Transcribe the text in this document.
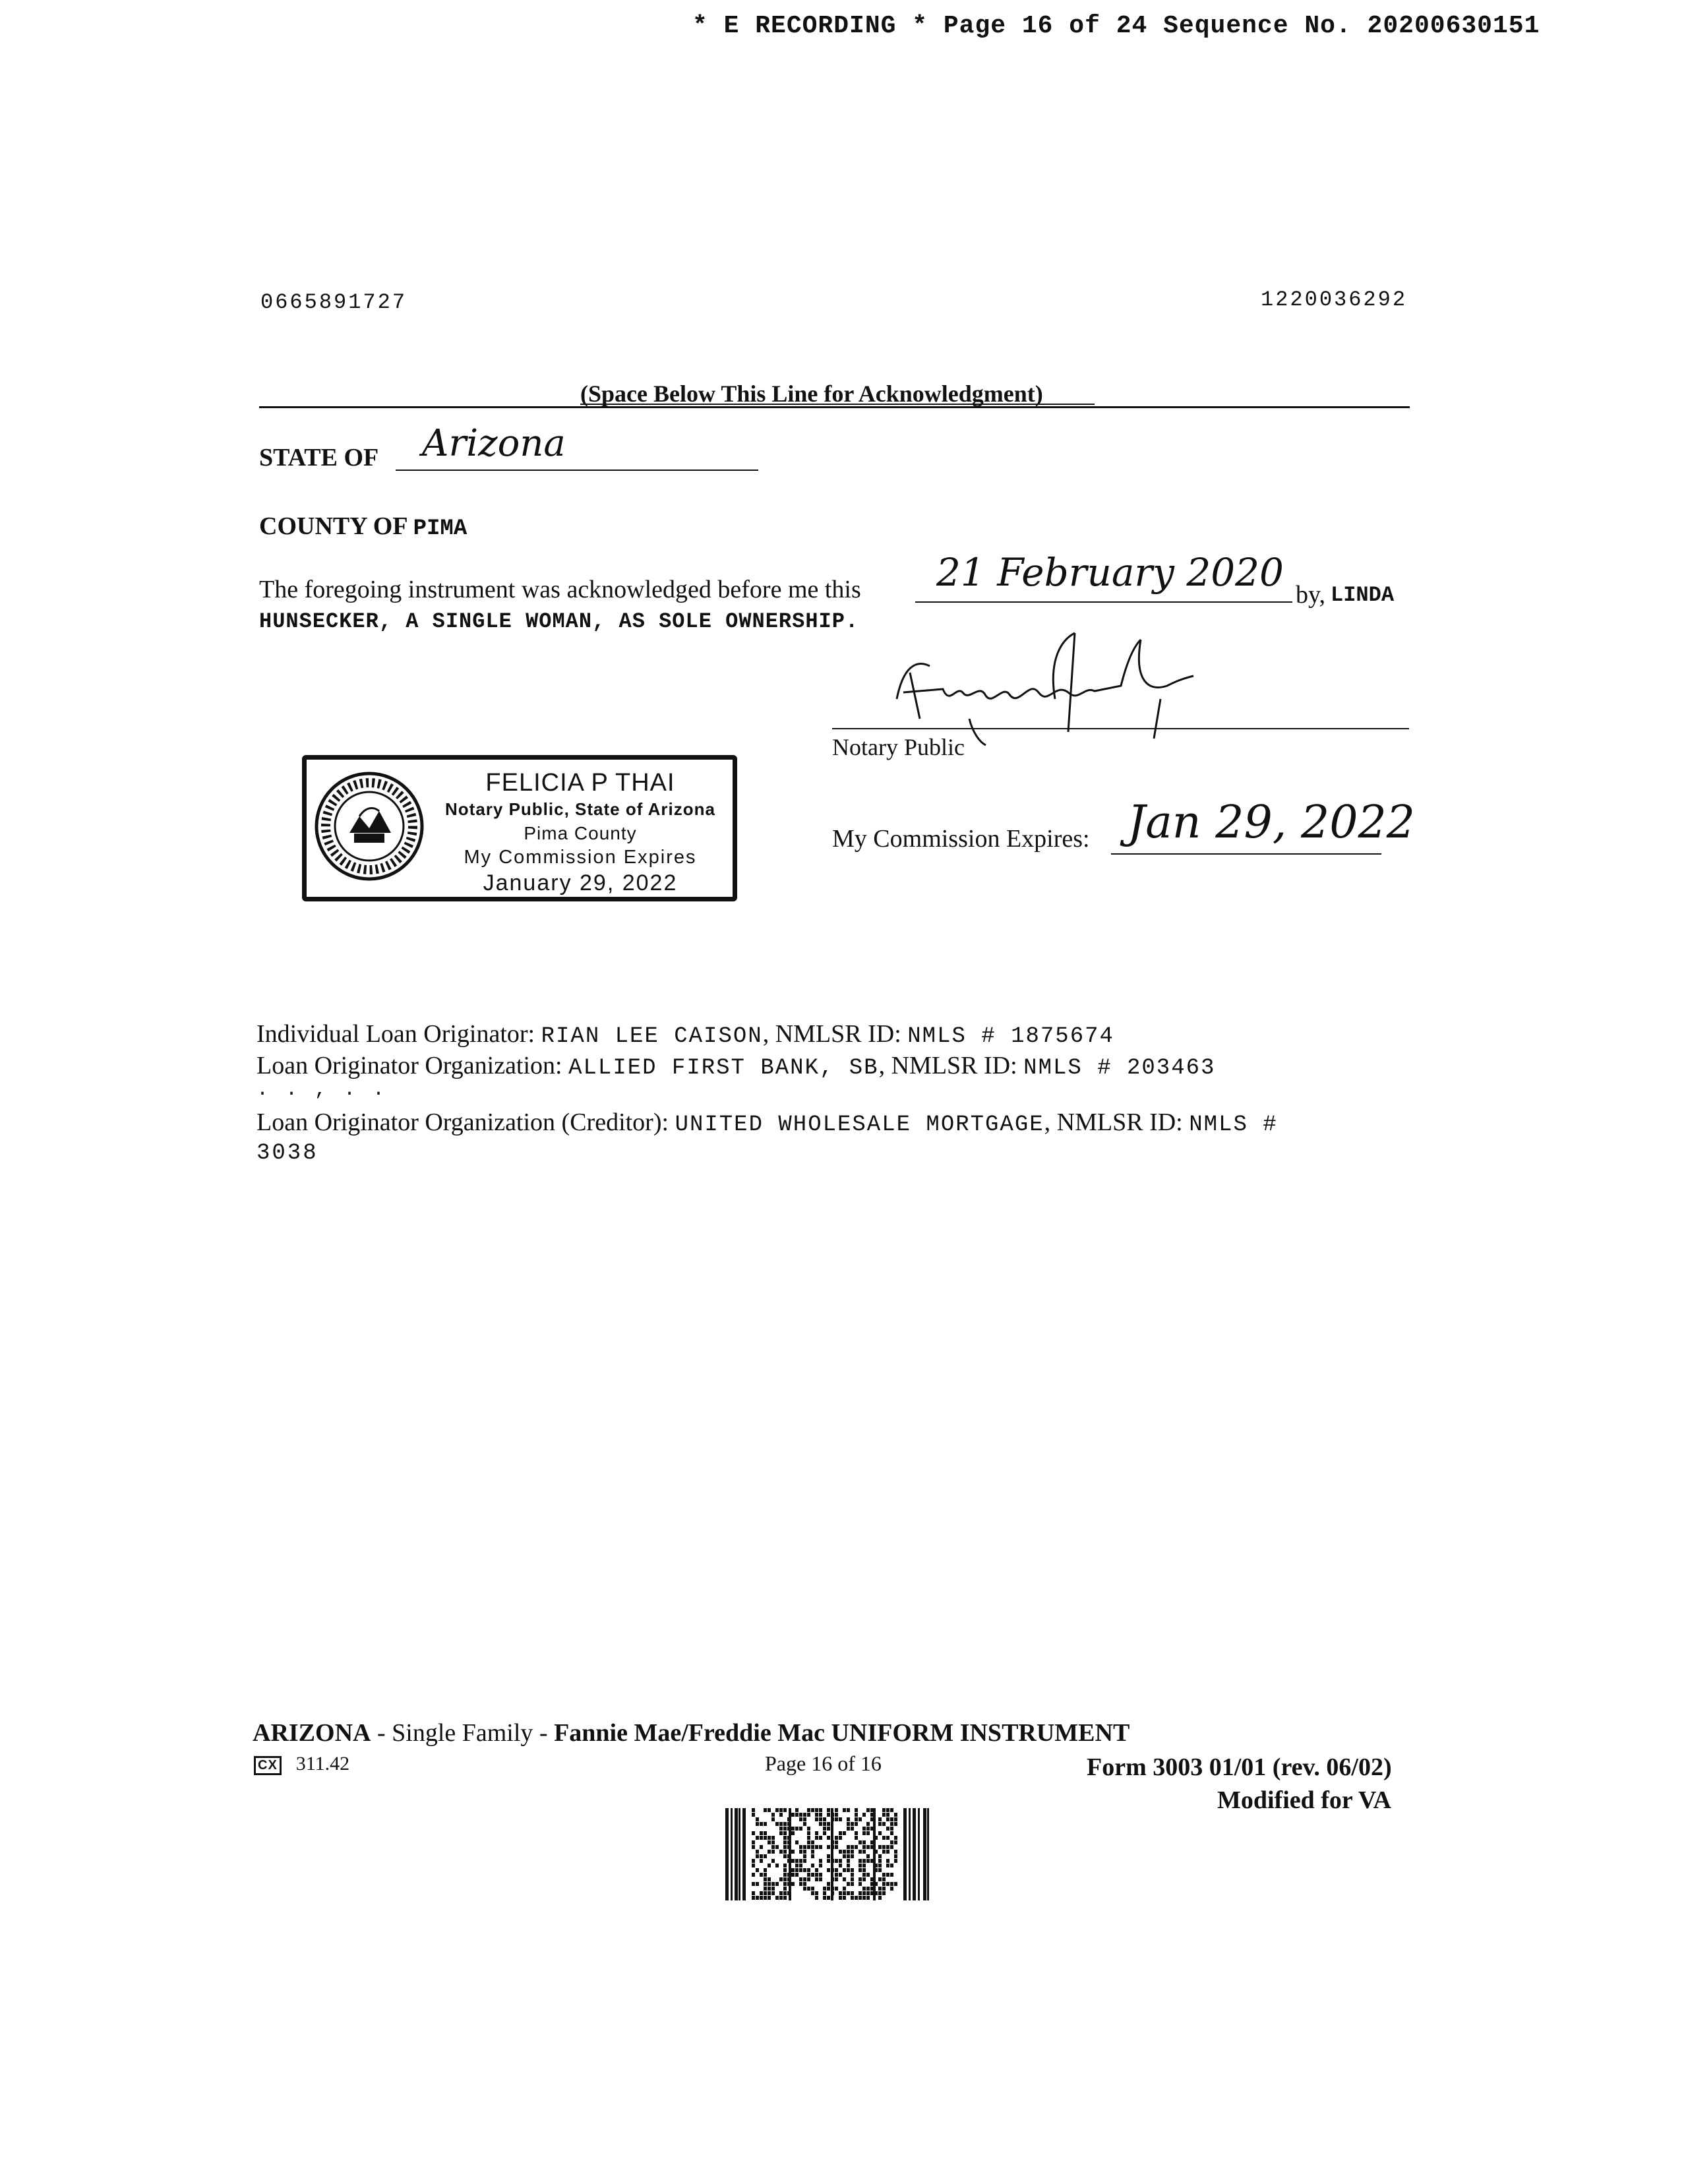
* E RECORDING * Page 16 of 24 Sequence No. 20200630151
0665891727	1220036292
(Space Below This Line for Acknowledgment)
STATE OF Arizona
COUNTY OF PIMA
The foregoing instrument was acknowledged before me this 21 February 2020 by, LINDA
HUNSECKER, A SINGLE WOMAN, AS SOLE OWNERSHIP.
Notary Public
FELICIA P THAI
Notary Public, State of Arizona
Pima County
My Commission Expires
January 29, 2022
My Commission Expires: Jan 29, 2022
Individual Loan Originator: RIAN LEE CAISON, NMLSR ID: NMLS # 1875674
Loan Originator Organization: ALLIED FIRST BANK, SB, NMLSR ID: NMLS # 203463
. . , . .
Loan Originator Organization (Creditor): UNITED WHOLESALE MORTGAGE, NMLSR ID: NMLS #
3038
ARIZONA - Single Family - Fannie Mae/Freddie Mac UNIFORM INSTRUMENT
CX 311.42	Page 16 of 16	Form 3003 01/01 (rev. 06/02)
Modified for VA
